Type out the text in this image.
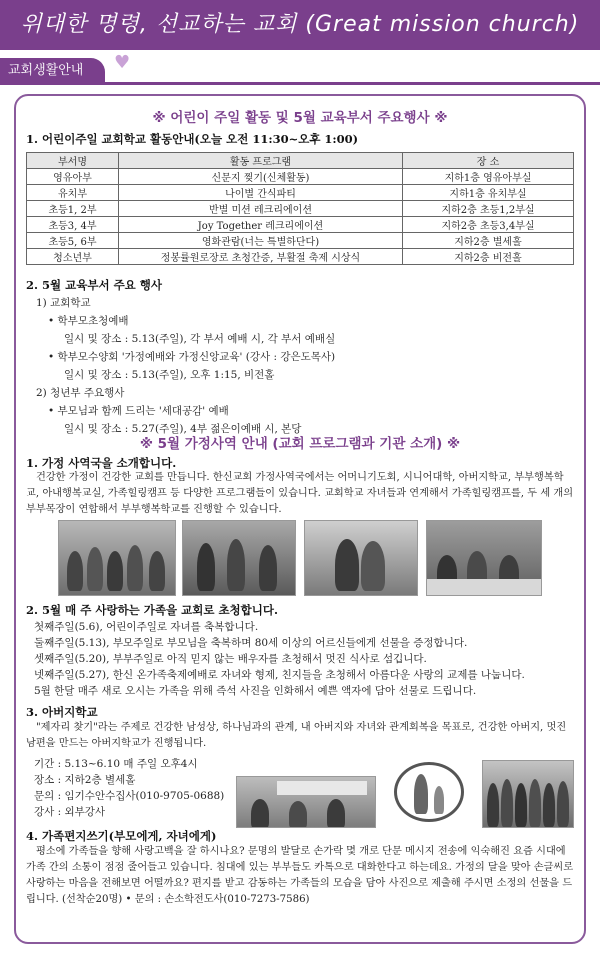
위대한 명령, 선교하는 교회 (Great mission church)
교회생활안내	♥
※ 어린이 주일 활동 및 5월 교육부서 주요행사 ※
1. 어린이주일 교회학교 활동안내(오늘 오전 11:30~오후 1:00)
부서명	활동 프로그램	장 소
영유아부	신문지 찢기(신체활동)	지하1층 영유아부실
유치부	나이별 간식파티	지하1층 유치부실
초등1, 2부	반별 미션 레크리에이션	지하2층 초등1,2부실
초등3, 4부	Joy Together 레크리에이션	지하2층 초등3,4부실
초등5, 6부	영화관람(너는 특별하단다)	지하2층 별세홀
청소년부	정봉률원로장로 초청간증, 부활절 축제 시상식	지하2층 비전홀
2. 5월 교육부서 주요 행사
1) 교회학교
• 학부모초청예배
일시 및 장소 : 5.13(주일), 각 부서 예배 시, 각 부서 예배실
• 학부모수양회 '가정예배와 가정신앙교육' (강사 : 강은도목사)
일시 및 장소 : 5.13(주일), 오후 1:15, 비전홀
2) 청년부 주요행사
• 부모님과 함께 드리는 '세대공감' 예배
일시 및 장소 : 5.27(주일), 4부 젊은이예배 시, 본당
※ 5월 가정사역 안내 (교회 프로그램과 기관 소개) ※
1. 가정 사역국을 소개합니다.
건강한 가정이 건강한 교회를 만듭니다. 한신교회 가정사역국에서는 어머니기도회, 시니어대학, 아버지학교, 부부행복학교, 아내행복교실, 가족힐링캠프 등 다양한 프로그램들이 있습니다. 교회학교 자녀들과 연계해서 가족힐링캠프를, 두 세 개의 부부목장이 연합해서 부부행복학교를 진행할 수 있습니다.
2. 5월 매 주 사랑하는 가족을 교회로 초청합니다.
첫째주일(5.6), 어린이주일로 자녀를 축복합니다.
둘째주일(5.13), 부모주일로 부모님을 축복하며 80세 이상의 어르신들에게 선물을 증정합니다.
셋째주일(5.20), 부부주일로 아직 믿지 않는 배우자를 초청해서 멋진 식사로 섬깁니다.
넷째주일(5.27), 한신 온가족축제예배로 자녀와 형제, 친지들을 초청해서 아름다운 사랑의 교제를 나눕니다.
5월 한달 매주 새로 오시는 가족을 위해 즉석 사진을 인화해서 예쁜 액자에 담아 선물로 드립니다.
3. 아버지학교
"제자리 찾기"라는 주제로 건강한 남성상, 하나님과의 관계, 내 아버지와 자녀와 관계회복을 목표로, 건강한 아버지, 멋진 남편을 만드는 아버지학교가 진행됩니다.
기간 : 5.13~6.10 매 주일 오후4시
장소 : 지하2층 별세홀
문의 : 임기수안수집사(010-9705-0688)
강사 : 외부강사
4. 가족편지쓰기(부모에게, 자녀에게)
평소에 가족들을 향해 사랑고백을 잘 하시나요? 문명의 발달로 손가락 몇 개로 단문 메시지 전송에 익숙해진 요즘 시대에 가족 간의 소통이 점점 줄어들고 있습니다. 침대에 있는 부부들도 카톡으로 대화한다고 하는데요. 가정의 달을 맞아 손글씨로 사랑하는 마음을 전해보면 어떨까요? 편지를 받고 감동하는 가족들의 모습을 담아 사진으로 제출해 주시면 소정의 선물을 드립니다. (선착순20명) • 문의 : 손소학전도사(010-7273-7586)
